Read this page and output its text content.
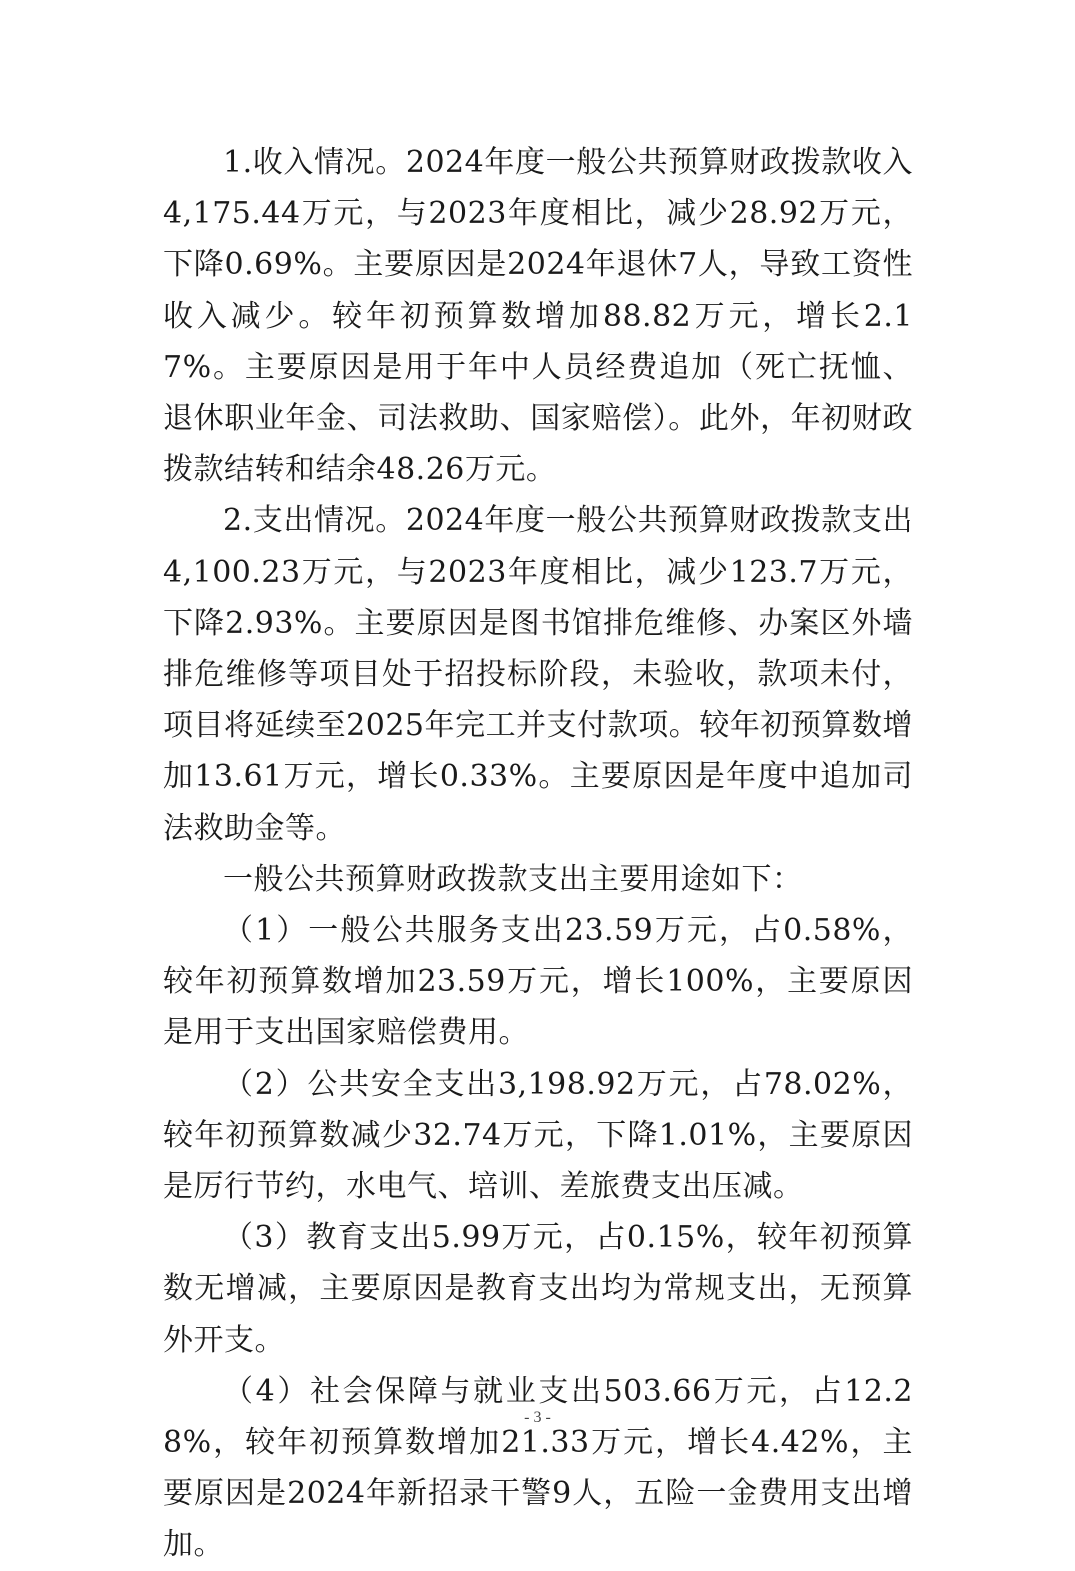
1.收入情况。2024年度一般公共预算财政拨款收入4,175.44万元，与2023年度相比，减少28.92万元，下降0.69%。主要原因是2024年退休7人，导致工资性收入减少。较年初预算数增加88.82万元，增长2.17%。主要原因是用于年中人员经费追加（死亡抚恤、退休职业年金、司法救助、国家赔偿）。此外，年初财政拨款结转和结余48.26万元。

2.支出情况。2024年度一般公共预算财政拨款支出4,100.23万元，与2023年度相比，减少123.7万元，下降2.93%。主要原因是图书馆排危维修、办案区外墙排危维修等项目处于招投标阶段，未验收，款项未付，项目将延续至2025年完工并支付款项。较年初预算数增加13.61万元，增长0.33%。主要原因是年度中追加司法救助金等。

一般公共预算财政拨款支出主要用途如下：

（1）一般公共服务支出23.59万元，占0.58%，较年初预算数增加23.59万元，增长100%，主要原因是用于支出国家赔偿费用。

（2）公共安全支出3,198.92万元，占78.02%，较年初预算数减少32.74万元，下降1.01%，主要原因是厉行节约，水电气、培训、差旅费支出压减。

（3）教育支出5.99万元，占0.15%，较年初预算数无增减，主要原因是教育支出均为常规支出，无预算外开支。

（4）社会保障与就业支出503.66万元，占12.28%，较年初预算数增加21.33万元，增长4.42%，主要原因是2024年新招录干警9人，五险一金费用支出增加。

- 3 -
